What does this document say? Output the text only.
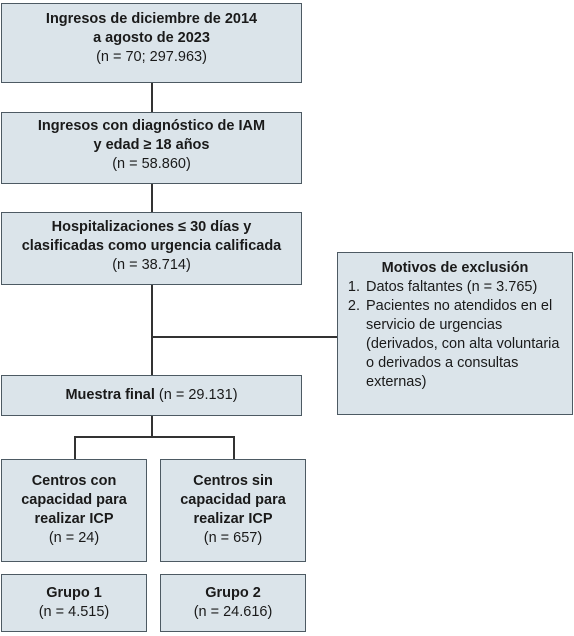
Ingresos de diciembre de 2014
a agosto de 2023
(n = 70; 297.963)
Ingresos con diagnóstico de IAM
y edad ≥ 18 años
(n = 58.860)
Hospitalizaciones ≤ 30 días y
clasificadas como urgencia calificada
(n = 38.714)	Motivos de exclusión
1. Datos faltantes (n = 3.765)
2. Pacientes no atendidos en el servicio de urgencias (derivados, con alta voluntaria o derivados a consultas externas)
Muestra final (n = 29.131)
Centros con
capacidad para
realizar ICP
(n = 24)
Centros sin
capacidad para
realizar ICP
(n = 657)
Grupo 1
(n = 4.515)
Grupo 2
(n = 24.616)
